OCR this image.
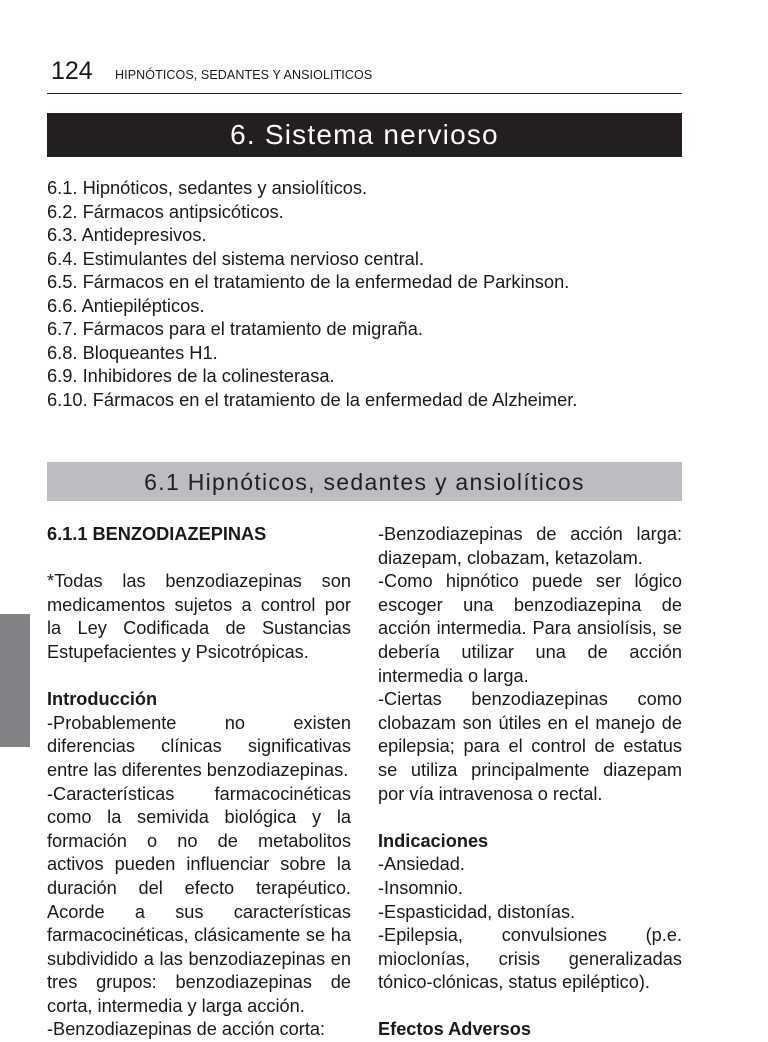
124 HIPNÓTICOS, SEDANTES Y ANSIOLITICOS
6. Sistema nervioso
6.1. Hipnóticos, sedantes y ansiolíticos.
6.2. Fármacos antipsicóticos.
6.3. Antidepresivos.
6.4. Estimulantes del sistema nervioso central.
6.5. Fármacos en el tratamiento de la enfermedad de Parkinson.
6.6. Antiepilépticos.
6.7. Fármacos para el tratamiento de migraña.
6.8. Bloqueantes H1.
6.9. Inhibidores de la colinesterasa.
6.10. Fármacos en el tratamiento de la enfermedad de Alzheimer.
6.1 Hipnóticos, sedantes y ansiolíticos

6.1.1 BENZODIAZEPINAS

*Todas las benzodiazepinas son medicamentos sujetos a control por la Ley Codificada de Sustancias Estupefacientes y Psicotrópicas.

Introducción

-Probablemente no existen diferencias clínicas significativas entre las diferentes benzodiazepinas.

-Características farmacocinéticas como la semivida biológica y la formación o no de metabolitos activos pueden influenciar sobre la duración del efecto terapéutico. Acorde a sus características farmacocinéticas, clásicamente se ha subdividido a las benzodiazepinas en tres grupos: benzodiazepinas de corta, intermedia y larga acción.

-Benzodiazepinas de acción corta:

-Benzodiazepinas de acción larga: diazepam, clobazam, ketazolam.

-Como hipnótico puede ser lógico escoger una benzodiazepina de acción intermedia. Para ansiolísis, se debería utilizar una de acción intermedia o larga.

-Ciertas benzodiazepinas como clobazam son útiles en el manejo de epilepsia; para el control de estatus se utiliza principalmente diazepam por vía intravenosa o rectal.

Indicaciones

-Ansiedad.

-Insomnio.

-Espasticidad, distonías.

-Epilepsia, convulsiones (p.e. mioclonías, crisis generalizadas tónico-clónicas, status epiléptico).

Efectos Adversos
